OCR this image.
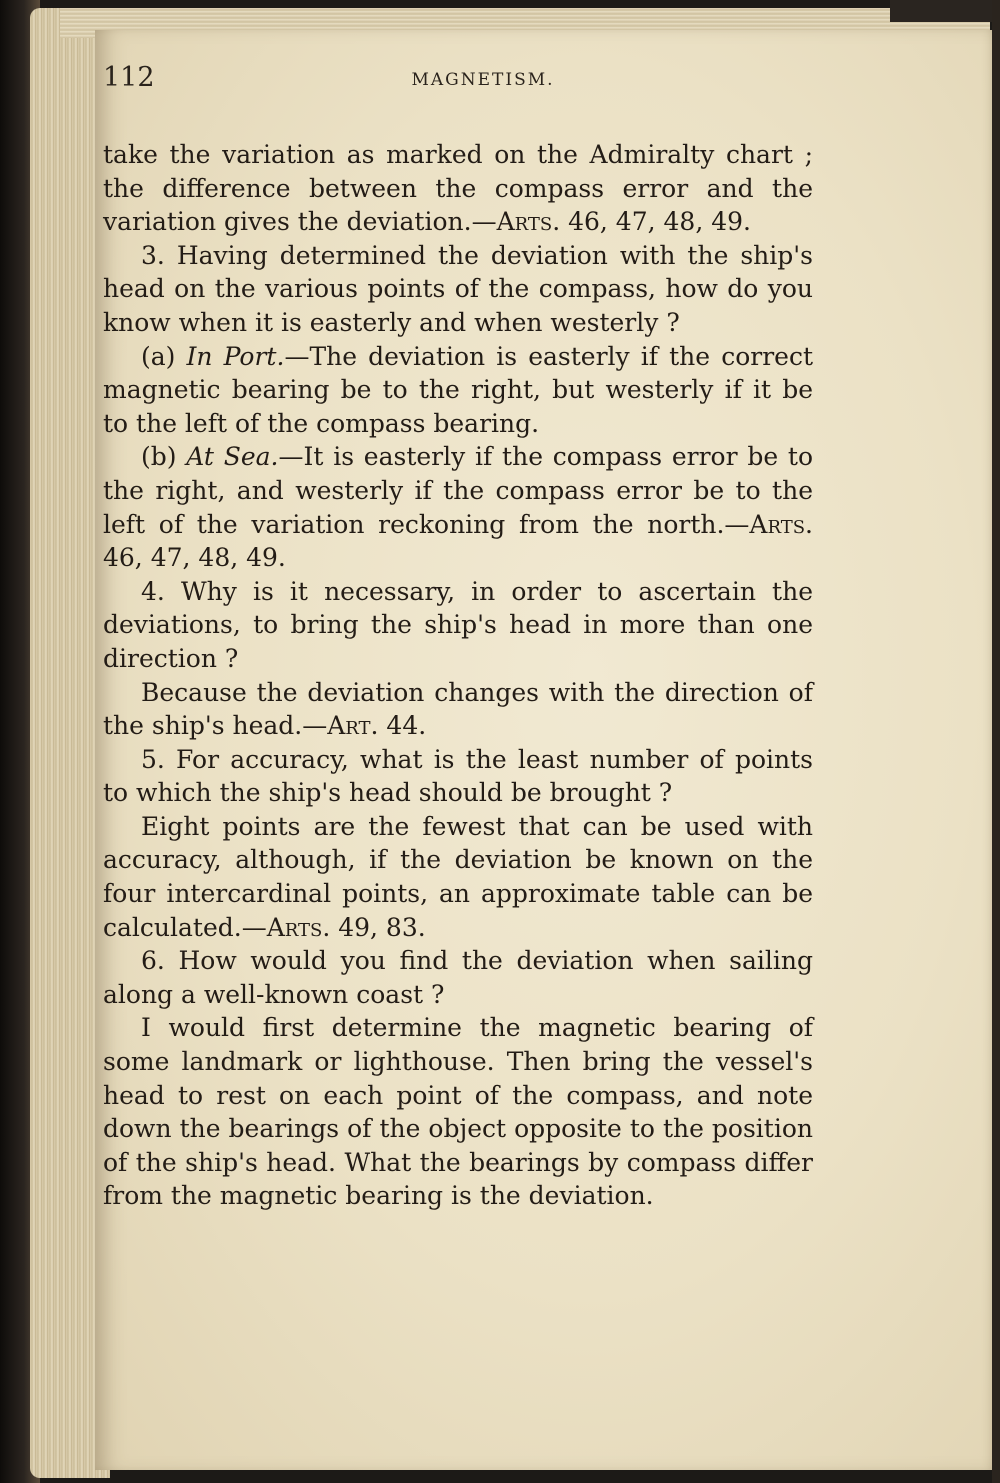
112	MAGNETISM.

take the variation as marked on the Admiralty chart ; the difference between the compass error and the variation gives the deviation.—Arts. 46, 47, 48, 49.

3. Having determined the deviation with the ship's head on the various points of the compass, how do you know when it is easterly and when westerly ?

(a) In Port.—The deviation is easterly if the correct magnetic bearing be to the right, but westerly if it be to the left of the compass bearing.

(b) At Sea.—It is easterly if the compass error be to the right, and westerly if the compass error be to the left of the variation reckoning from the north.—Arts. 46, 47, 48, 49.

4. Why is it necessary, in order to ascertain the deviations, to bring the ship's head in more than one direction ?

Because the deviation changes with the direction of the ship's head.—Art. 44.

5. For accuracy, what is the least number of points to which the ship's head should be brought ?

Eight points are the fewest that can be used with accuracy, although, if the deviation be known on the four intercardinal points, an approximate table can be calculated.—Arts. 49, 83.

6. How would you find the deviation when sailing along a well-known coast ?

I would first determine the magnetic bearing of some landmark or lighthouse. Then bring the vessel's head to rest on each point of the compass, and note down the bearings of the object opposite to the position of the ship's head. What the bearings by compass differ from the magnetic bearing is the deviation.
